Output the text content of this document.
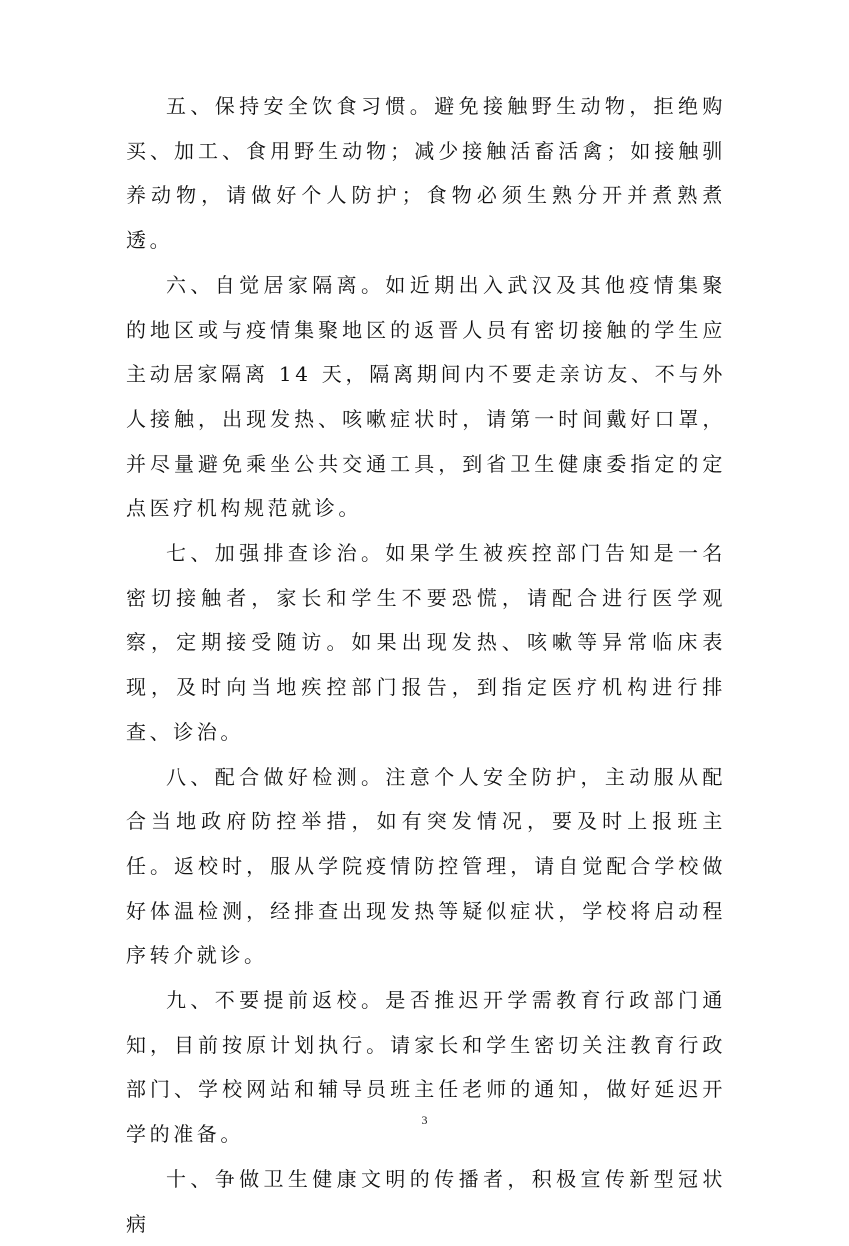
五、保持安全饮食习惯。避免接触野生动物，拒绝购买、加工、食用野生动物；减少接触活畜活禽；如接触驯养动物，请做好个人防护；食物必须生熟分开并煮熟煮透。

六、自觉居家隔离。如近期出入武汉及其他疫情集聚的地区或与疫情集聚地区的返晋人员有密切接触的学生应主动居家隔离 14 天，隔离期间内不要走亲访友、不与外人接触，出现发热、咳嗽症状时，请第一时间戴好口罩，并尽量避免乘坐公共交通工具，到省卫生健康委指定的定点医疗机构规范就诊。

七、加强排查诊治。如果学生被疾控部门告知是一名密切接触者，家长和学生不要恐慌，请配合进行医学观察，定期接受随访。如果出现发热、咳嗽等异常临床表现，及时向当地疾控部门报告，到指定医疗机构进行排查、诊治。

八、配合做好检测。注意个人安全防护，主动服从配合当地政府防控举措，如有突发情况，要及时上报班主任。返校时，服从学院疫情防控管理，请自觉配合学校做好体温检测，经排查出现发热等疑似症状，学校将启动程序转介就诊。

九、不要提前返校。是否推迟开学需教育行政部门通知，目前按原计划执行。请家长和学生密切关注教育行政部门、学校网站和辅导员班主任老师的通知，做好延迟开学的准备。

十、争做卫生健康文明的传播者，积极宣传新型冠状病

3
